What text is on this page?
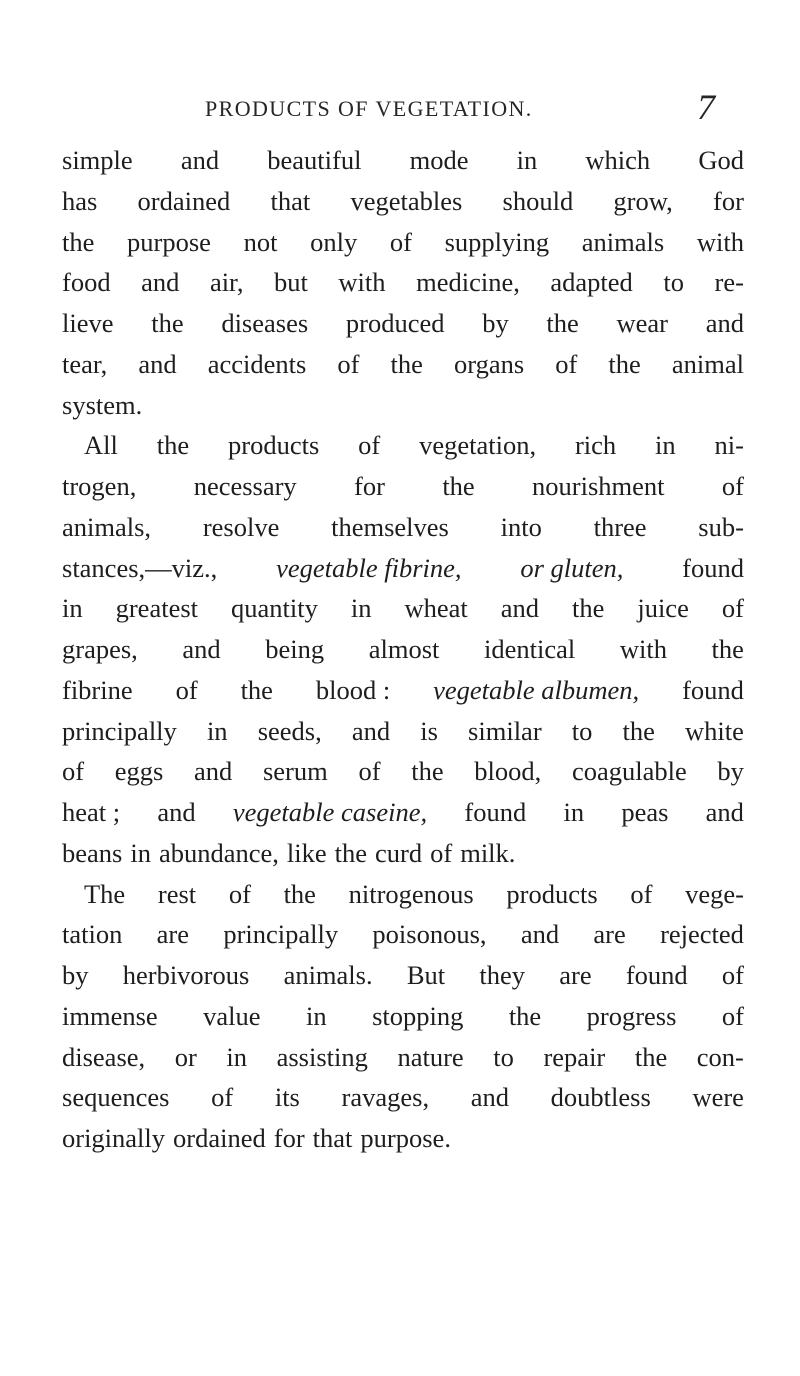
PRODUCTS OF VEGETATION.	7
simple and beautiful mode in which God
has ordained that vegetables should grow, for
the purpose not only of supplying animals with
food and air, but with medicine, adapted to re-
lieve the diseases produced by the wear and
tear, and accidents of the organs of the animal
system.
All the products of vegetation, rich in ni-
trogen, necessary for the nourishment of
animals, resolve themselves into three sub-
stances,—viz., vegetable fibrine, or gluten, found
in greatest quantity in wheat and the juice of
grapes, and being almost identical with the
fibrine of the blood : vegetable albumen, found
principally in seeds, and is similar to the white
of eggs and serum of the blood, coagulable by
heat ; and vegetable caseine, found in peas and
beans in abundance, like the curd of milk.
The rest of the nitrogenous products of vege-
tation are principally poisonous, and are rejected
by herbivorous animals. But they are found of
immense value in stopping the progress of
disease, or in assisting nature to repair the con-
sequences of its ravages, and doubtless were
originally ordained for that purpose.
